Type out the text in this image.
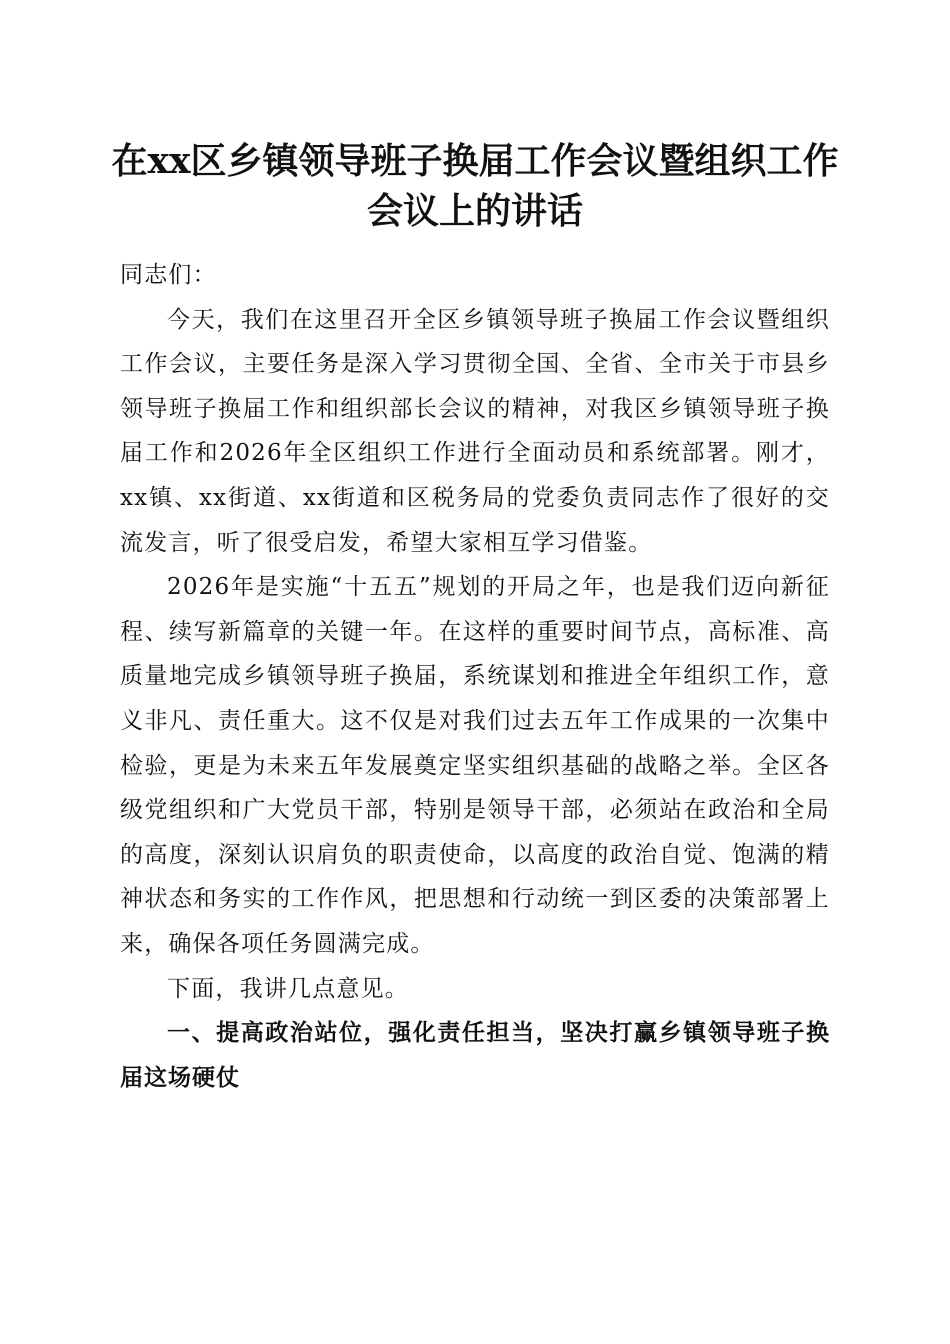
在xx区乡镇领导班子换届工作会议暨组织工作会议上的讲话

同志们：

今天，我们在这里召开全区乡镇领导班子换届工作会议暨组织工作会议，主要任务是深入学习贯彻全国、全省、全市关于市县乡领导班子换届工作和组织部长会议的精神，对我区乡镇领导班子换届工作和2026年全区组织工作进行全面动员和系统部署。刚才，xx镇、xx街道、xx街道和区税务局的党委负责同志作了很好的交流发言，听了很受启发，希望大家相互学习借鉴。

2026年是实施“十五五”规划的开局之年，也是我们迈向新征程、续写新篇章的关键一年。在这样的重要时间节点，高标准、高质量地完成乡镇领导班子换届，系统谋划和推进全年组织工作，意义非凡、责任重大。这不仅是对我们过去五年工作成果的一次集中检验，更是为未来五年发展奠定坚实组织基础的战略之举。全区各级党组织和广大党员干部，特别是领导干部，必须站在政治和全局的高度，深刻认识肩负的职责使命，以高度的政治自觉、饱满的精神状态和务实的工作作风，把思想和行动统一到区委的决策部署上来，确保各项任务圆满完成。

下面，我讲几点意见。

一、提高政治站位，强化责任担当，坚决打赢乡镇领导班子换届这场硬仗
